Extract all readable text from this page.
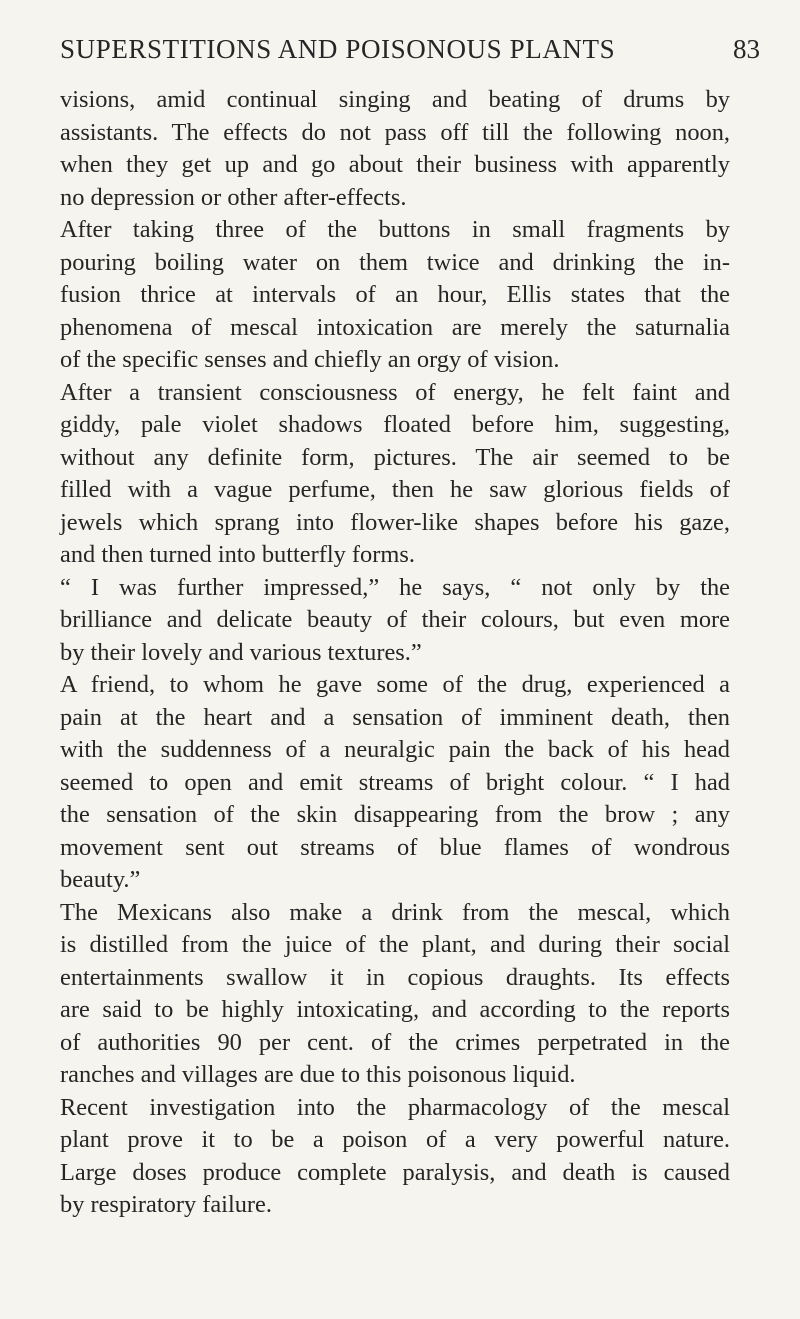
SUPERSTITIONS AND POISONOUS PLANTS	83
visions, amid continual singing and beating of drums by
assistants. The effects do not pass off till the following noon,
when they get up and go about their business with apparently
no depression or other after-effects.
After taking three of the buttons in small fragments by
pouring boiling water on them twice and drinking the in-
fusion thrice at intervals of an hour, Ellis states that the
phenomena of mescal intoxication are merely the saturnalia
of the specific senses and chiefly an orgy of vision.
After a transient consciousness of energy, he felt faint and
giddy, pale violet shadows floated before him, suggesting,
without any definite form, pictures. The air seemed to be
filled with a vague perfume, then he saw glorious fields of
jewels which sprang into flower-like shapes before his gaze,
and then turned into butterfly forms.
“ I was further impressed,” he says, “ not only by the
brilliance and delicate beauty of their colours, but even more
by their lovely and various textures.”
A friend, to whom he gave some of the drug, experienced a
pain at the heart and a sensation of imminent death, then
with the suddenness of a neuralgic pain the back of his head
seemed to open and emit streams of bright colour. “ I had
the sensation of the skin disappearing from the brow ; any
movement sent out streams of blue flames of wondrous
beauty.”
The Mexicans also make a drink from the mescal, which
is distilled from the juice of the plant, and during their social
entertainments swallow it in copious draughts. Its effects
are said to be highly intoxicating, and according to the reports
of authorities 90 per cent. of the crimes perpetrated in the
ranches and villages are due to this poisonous liquid.
Recent investigation into the pharmacology of the mescal
plant prove it to be a poison of a very powerful nature.
Large doses produce complete paralysis, and death is caused
by respiratory failure.
